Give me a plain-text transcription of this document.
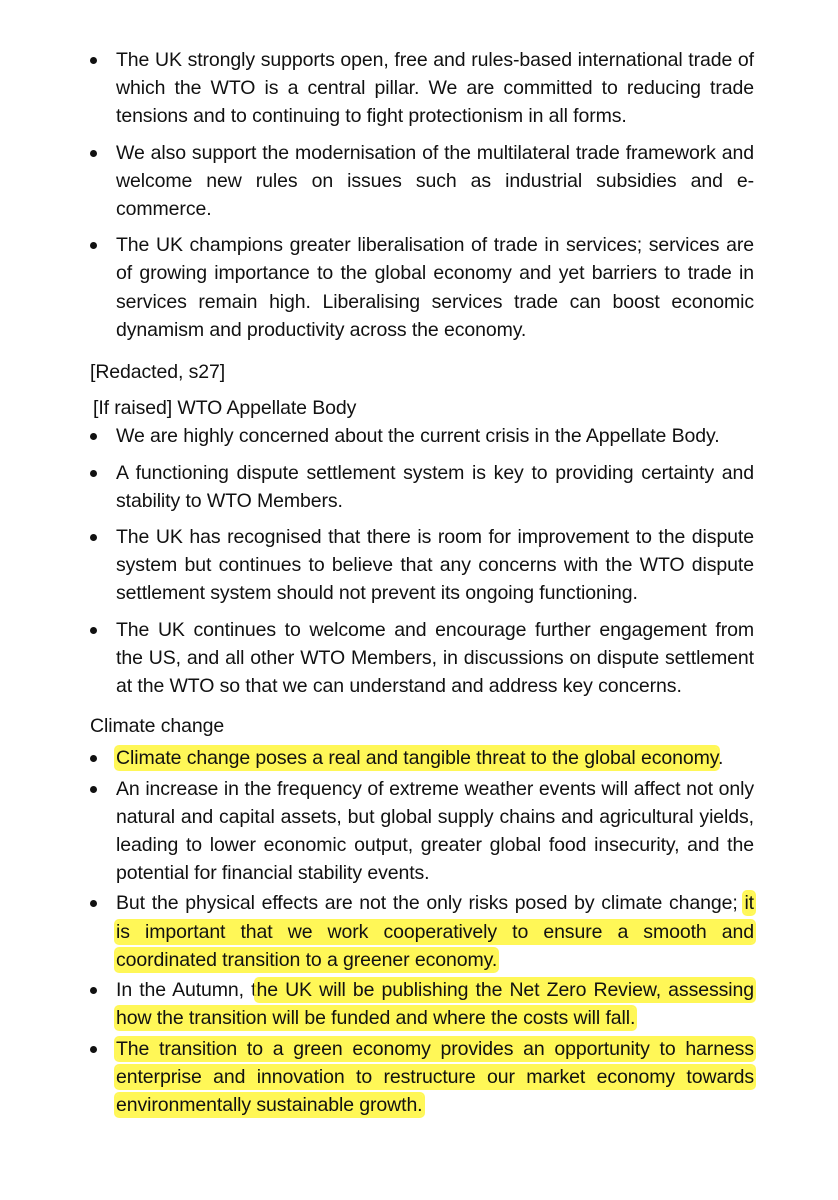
The UK strongly supports open, free and rules-based international trade of which the WTO is a central pillar. We are committed to reducing trade tensions and to continuing to fight protectionism in all forms.
We also support the modernisation of the multilateral trade framework and welcome new rules on issues such as industrial subsidies and e-commerce.
The UK champions greater liberalisation of trade in services; services are of growing importance to the global economy and yet barriers to trade in services remain high. Liberalising services trade can boost economic dynamism and productivity across the economy.

[Redacted, s27]

[If raised] WTO Appellate Body

We are highly concerned about the current crisis in the Appellate Body.
A functioning dispute settlement system is key to providing certainty and stability to WTO Members.
The UK has recognised that there is room for improvement to the dispute system but continues to believe that any concerns with the WTO dispute settlement system should not prevent its ongoing functioning.
The UK continues to welcome and encourage further engagement from the US, and all other WTO Members, in discussions on dispute settlement at the WTO so that we can understand and address key concerns.

Climate change

Climate change poses a real and tangible threat to the global economy.
An increase in the frequency of extreme weather events will affect not only natural and capital assets, but global supply chains and agricultural yields, leading to lower economic output, greater global food insecurity, and the potential for financial stability events.
But the physical effects are not the only risks posed by climate change; it is important that we work cooperatively to ensure a smooth and coordinated transition to a greener economy.
In the Autumn, the UK will be publishing the Net Zero Review, assessing how the transition will be funded and where the costs will fall.
The transition to a green economy provides an opportunity to harness enterprise and innovation to restructure our market economy towards environmentally sustainable growth.
